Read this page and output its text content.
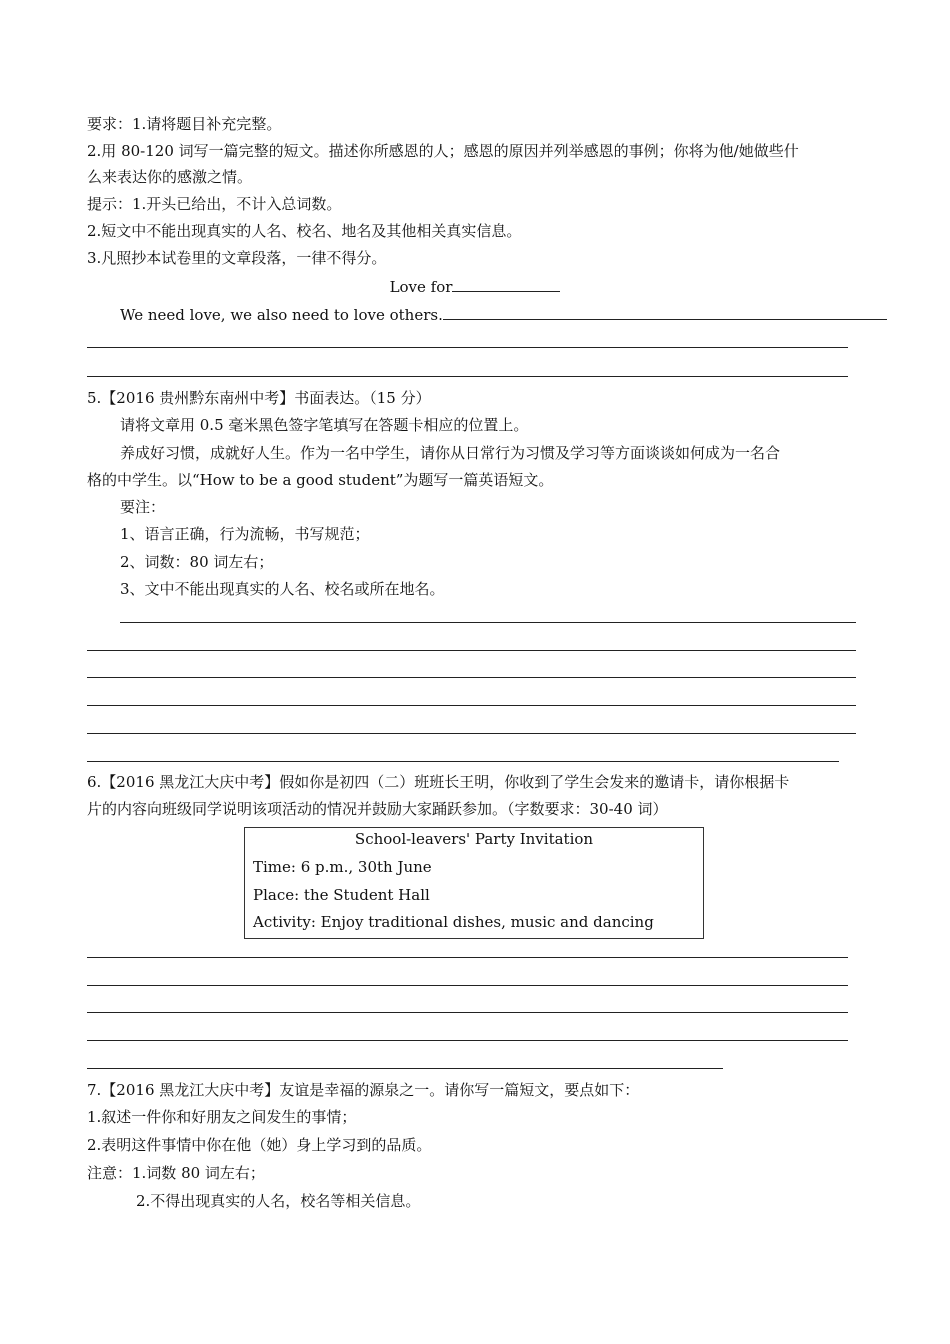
要求：1.请将题目补充完整。
2.用 80-120 词写一篇完整的短文。描述你所感恩的人；感恩的原因并列举感恩的事例；你将为他/她做些什
么来表达你的感激之情。
提示：1.开头已给出，不计入总词数。
2.短文中不能出现真实的人名、校名、地名及其他相关真实信息。
3.凡照抄本试卷里的文章段落，一律不得分。
Love for
We need love, we also need to love others.
5.【2016 贵州黔东南州中考】书面表达。（15 分）
请将文章用 0.5 毫米黑色签字笔填写在答题卡相应的位置上。
养成好习惯，成就好人生。作为一名中学生，请你从日常行为习惯及学习等方面谈谈如何成为一名合
格的中学生。以“How to be a good student”为题写一篇英语短文。
要注：
1、语言正确，行为流畅，书写规范；
2、词数：80 词左右；
3、文中不能出现真实的人名、校名或所在地名。
6.【2016 黑龙江大庆中考】假如你是初四（二）班班长王明，你收到了学生会发来的邀请卡，请你根据卡
片的内容向班级同学说明该项活动的情况并鼓励大家踊跃参加。（字数要求：30-40 词）
School-leavers' Party Invitation
Time: 6 p.m., 30th June
Place: the Student Hall
Activity: Enjoy traditional dishes, music and dancing
7.【2016 黑龙江大庆中考】友谊是幸福的源泉之一。请你写一篇短文，要点如下：
1.叙述一件你和好朋友之间发生的事情；
2.表明这件事情中你在他（她）身上学习到的品质。
注意：1.词数 80 词左右；
2.不得出现真实的人名，校名等相关信息。
